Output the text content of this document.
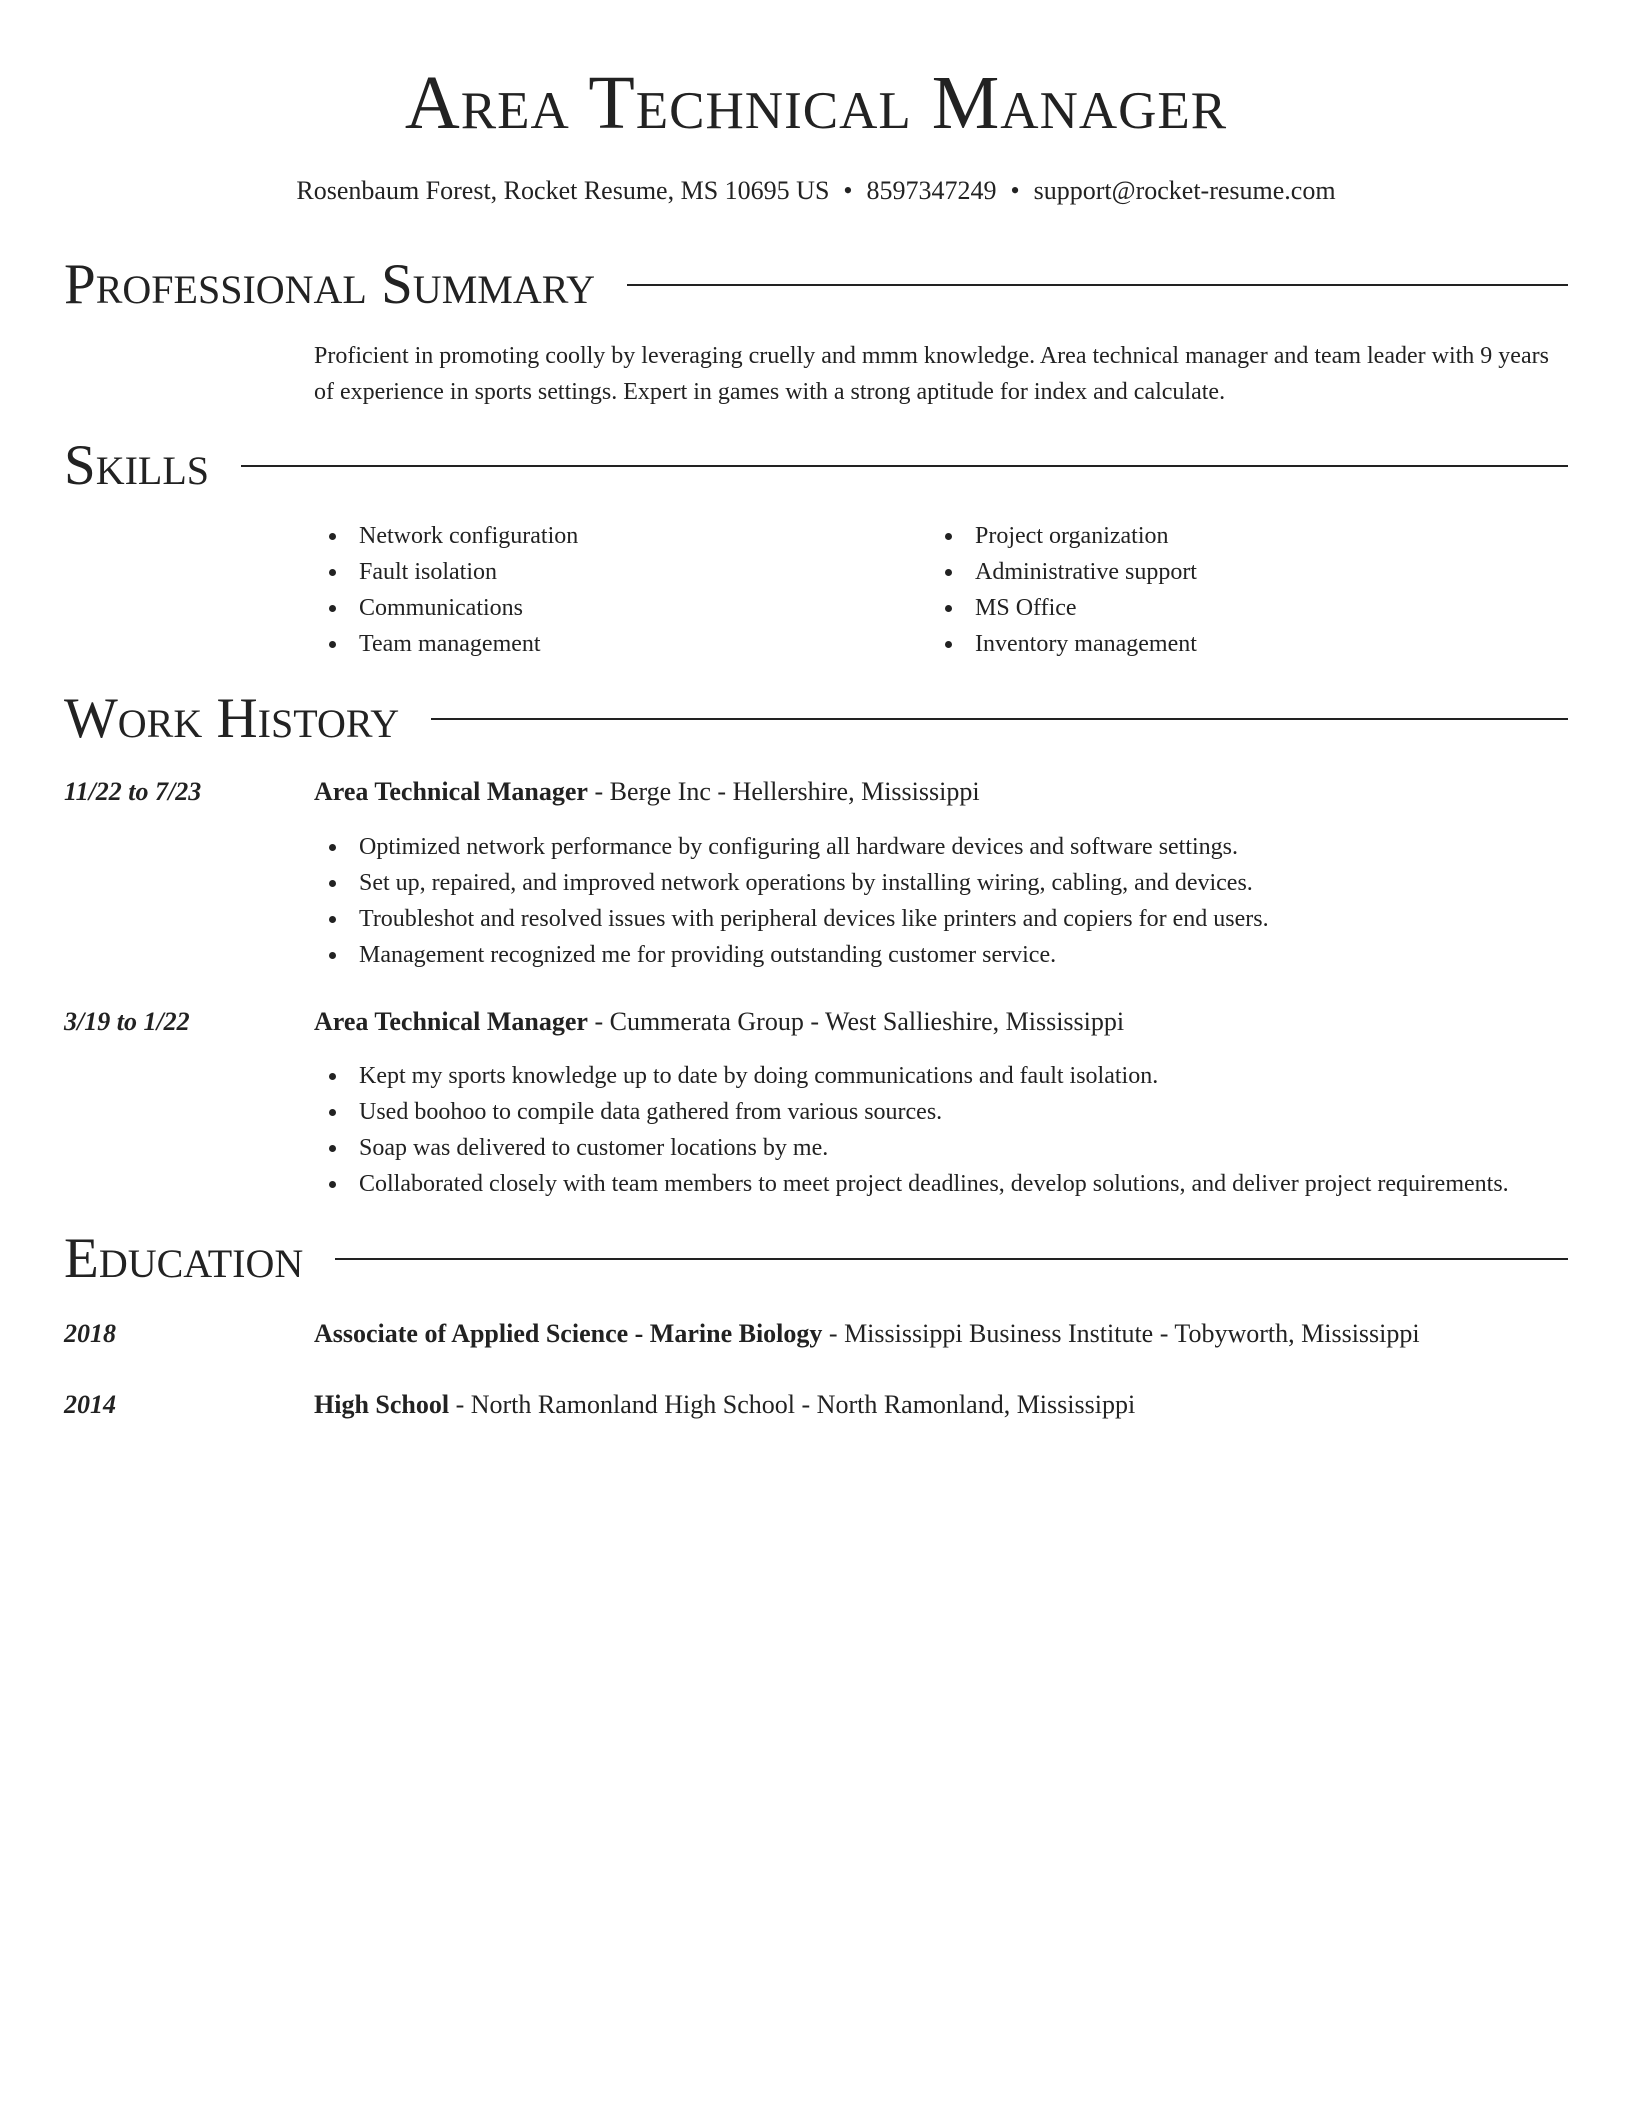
Area Technical Manager
Rosenbaum Forest, Rocket Resume, MS 10695 US • 8597347249 • support@rocket-resume.com
Professional Summary

Proficient in promoting coolly by leveraging cruelly and mmm knowledge. Area technical manager and team leader with 9 years of experience in sports settings. Expert in games with a strong aptitude for index and calculate.

Skills
Network configuration
Fault isolation
Communications
Team management
Project organization
Administrative support
MS Office
Inventory management
Work History
11/22 to 7/23	Area Technical Manager - Berge Inc - Hellershire, Mississippi
Optimized network performance by configuring all hardware devices and software settings.
Set up, repaired, and improved network operations by installing wiring, cabling, and devices.
Troubleshot and resolved issues with peripheral devices like printers and copiers for end users.
Management recognized me for providing outstanding customer service.
3/19 to 1/22	Area Technical Manager - Cummerata Group - West Sallieshire, Mississippi
Kept my sports knowledge up to date by doing communications and fault isolation.
Used boohoo to compile data gathered from various sources.
Soap was delivered to customer locations by me.
Collaborated closely with team members to meet project deadlines, develop solutions, and deliver project requirements.
Education
2018	Associate of Applied Science - Marine Biology - Mississippi Business Institute - Tobyworth, Mississippi
2014	High School - North Ramonland High School - North Ramonland, Mississippi
